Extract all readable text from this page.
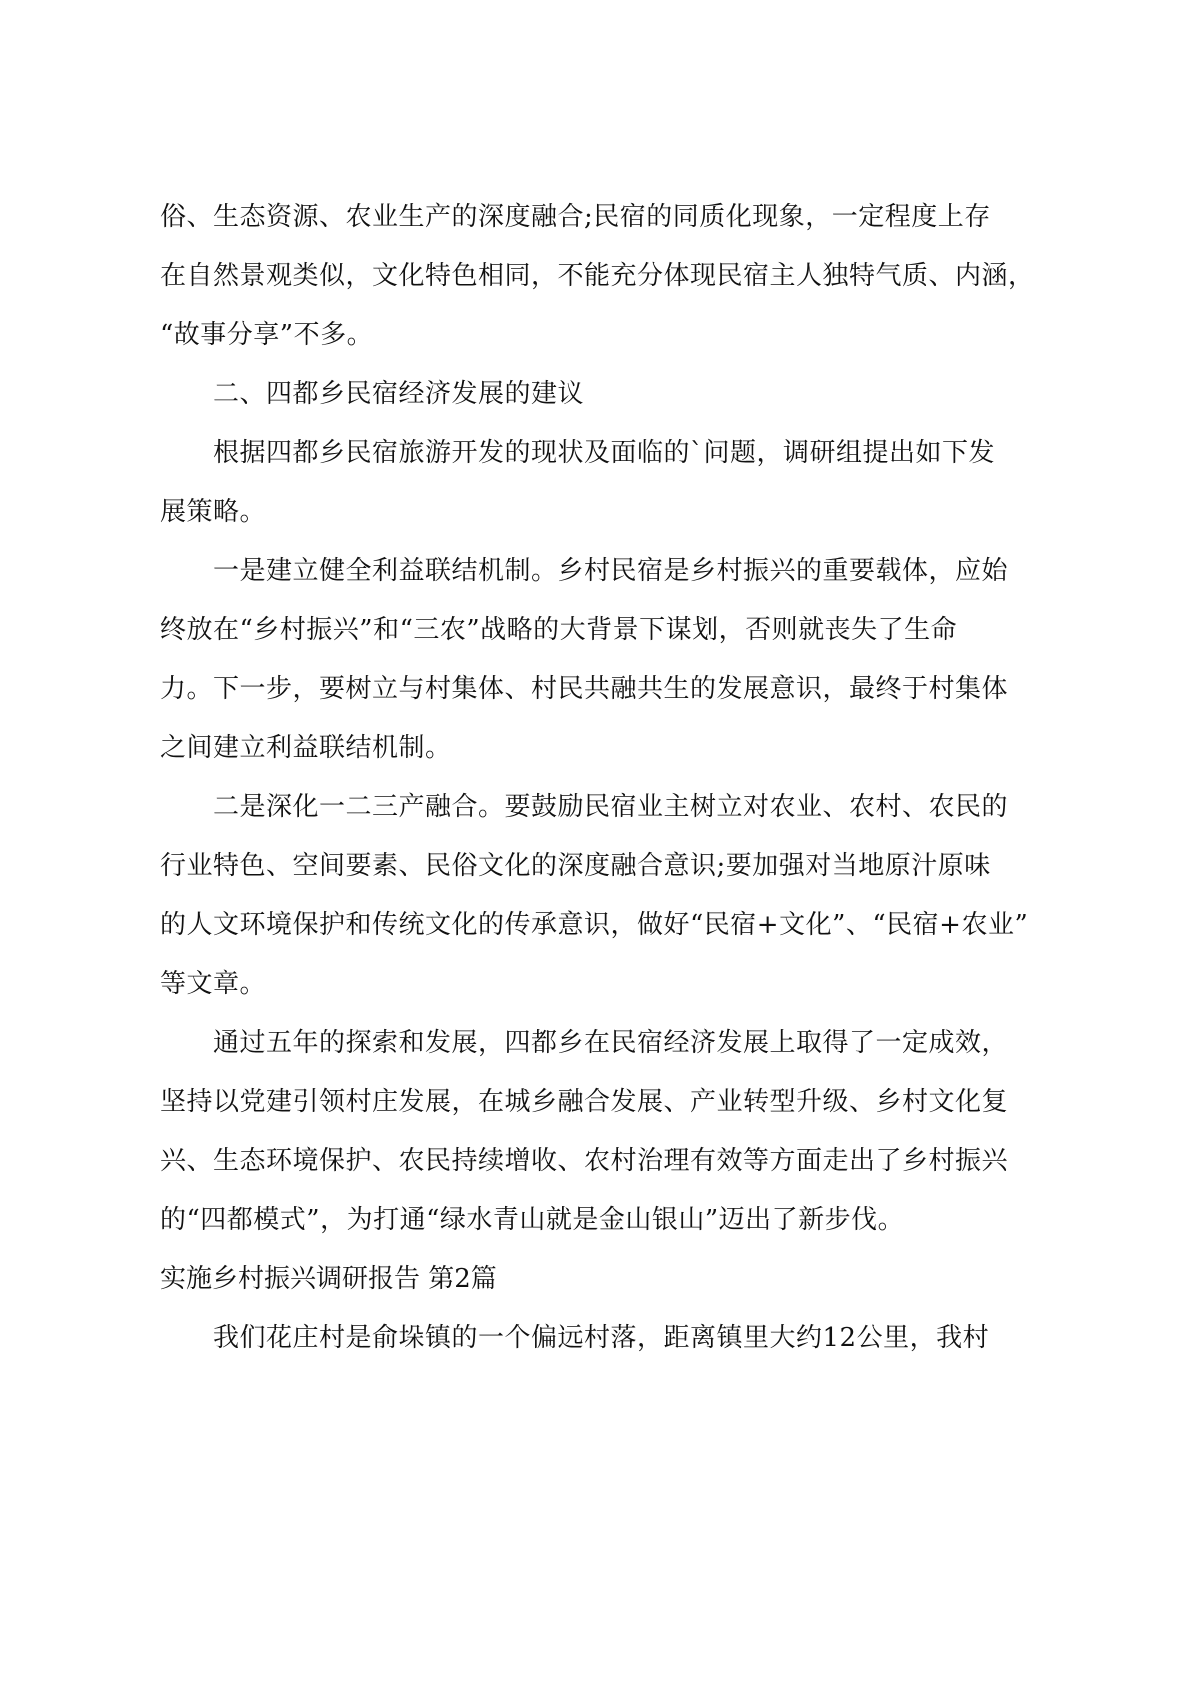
俗、生态资源、农业生产的深度融合;民宿的同质化现象，一定程度上存
在自然景观类似，文化特色相同，不能充分体现民宿主人独特气质、内涵，
“故事分享”不多。
二、四都乡民宿经济发展的建议
根据四都乡民宿旅游开发的现状及面临的`问题，调研组提出如下发
展策略。
一是建立健全利益联结机制。乡村民宿是乡村振兴的重要载体，应始
终放在“乡村振兴”和“三农”战略的大背景下谋划，否则就丧失了生命
力。下一步，要树立与村集体、村民共融共生的发展意识，最终于村集体
之间建立利益联结机制。
二是深化一二三产融合。要鼓励民宿业主树立对农业、农村、农民的
行业特色、空间要素、民俗文化的深度融合意识;要加强对当地原汁原味
的人文环境保护和传统文化的传承意识，做好“民宿+文化”、“民宿+农业”
等文章。
通过五年的探索和发展，四都乡在民宿经济发展上取得了一定成效，
坚持以党建引领村庄发展，在城乡融合发展、产业转型升级、乡村文化复
兴、生态环境保护、农民持续增收、农村治理有效等方面走出了乡村振兴
的“四都模式”，为打通“绿水青山就是金山银山”迈出了新步伐。
实施乡村振兴调研报告 第2篇
我们花庄村是俞垛镇的一个偏远村落，距离镇里大约12公里，我村
